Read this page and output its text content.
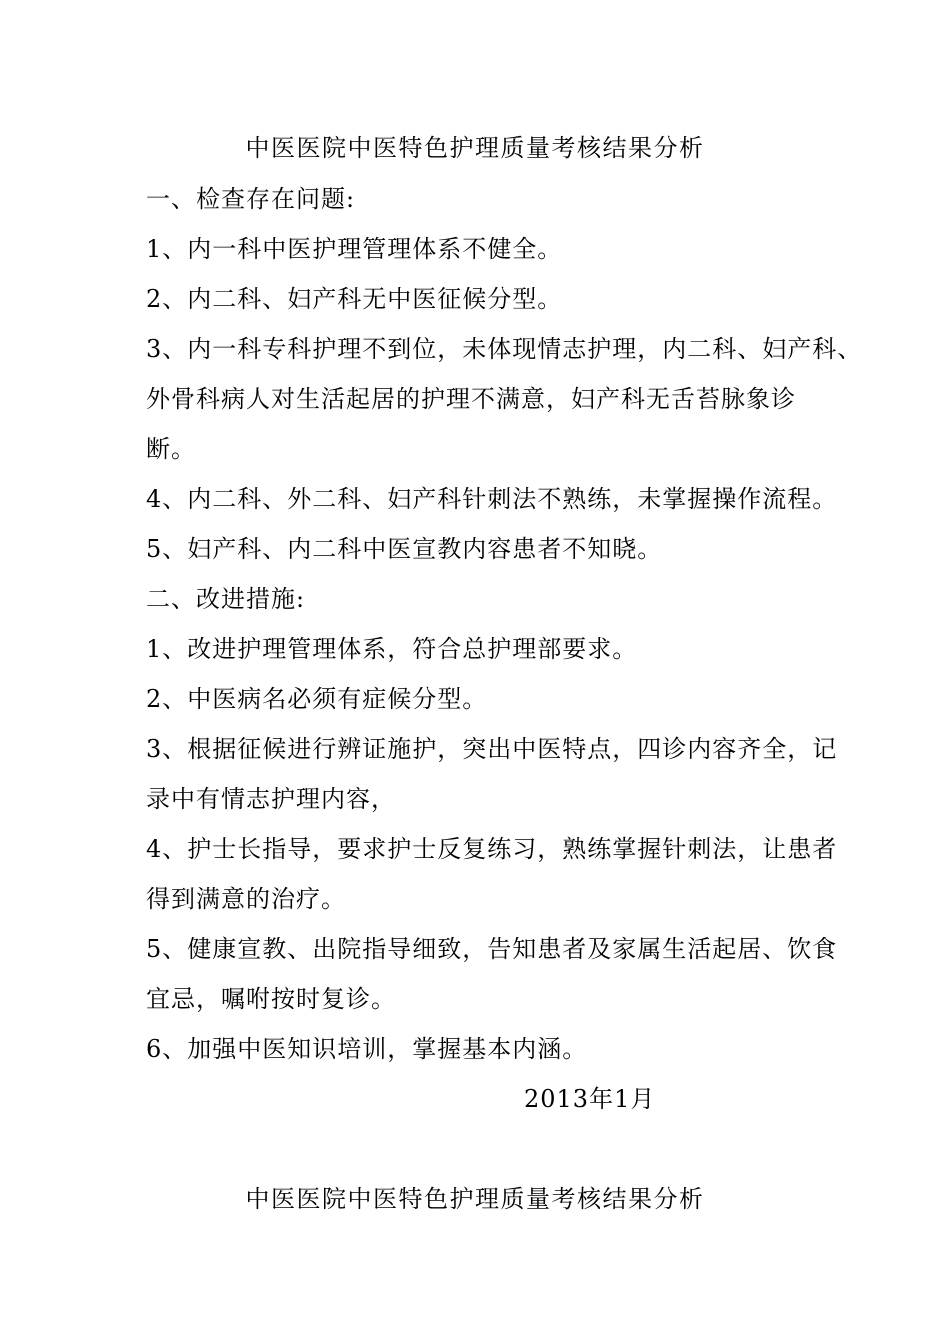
中医医院中医特色护理质量考核结果分析
一、检查存在问题:
1、内一科中医护理管理体系不健全。
2、内二科、妇产科无中医征候分型。
3、内一科专科护理不到位，未体现情志护理，内二科、妇产科、
外骨科病人对生活起居的护理不满意，妇产科无舌苔脉象诊
断。
4、内二科、外二科、妇产科针刺法不熟练，未掌握操作流程。
5、妇产科、内二科中医宣教内容患者不知晓。
二、改进措施:
1、改进护理管理体系，符合总护理部要求。
2、中医病名必须有症候分型。
3、根据征候进行辨证施护，突出中医特点，四诊内容齐全，记
录中有情志护理内容，
4、护士长指导，要求护士反复练习，熟练掌握针刺法，让患者
得到满意的治疗。
5、健康宣教、出院指导细致，告知患者及家属生活起居、饮食
宜忌，嘱咐按时复诊。
6、加强中医知识培训，掌握基本内涵。
2013年1月
中医医院中医特色护理质量考核结果分析
